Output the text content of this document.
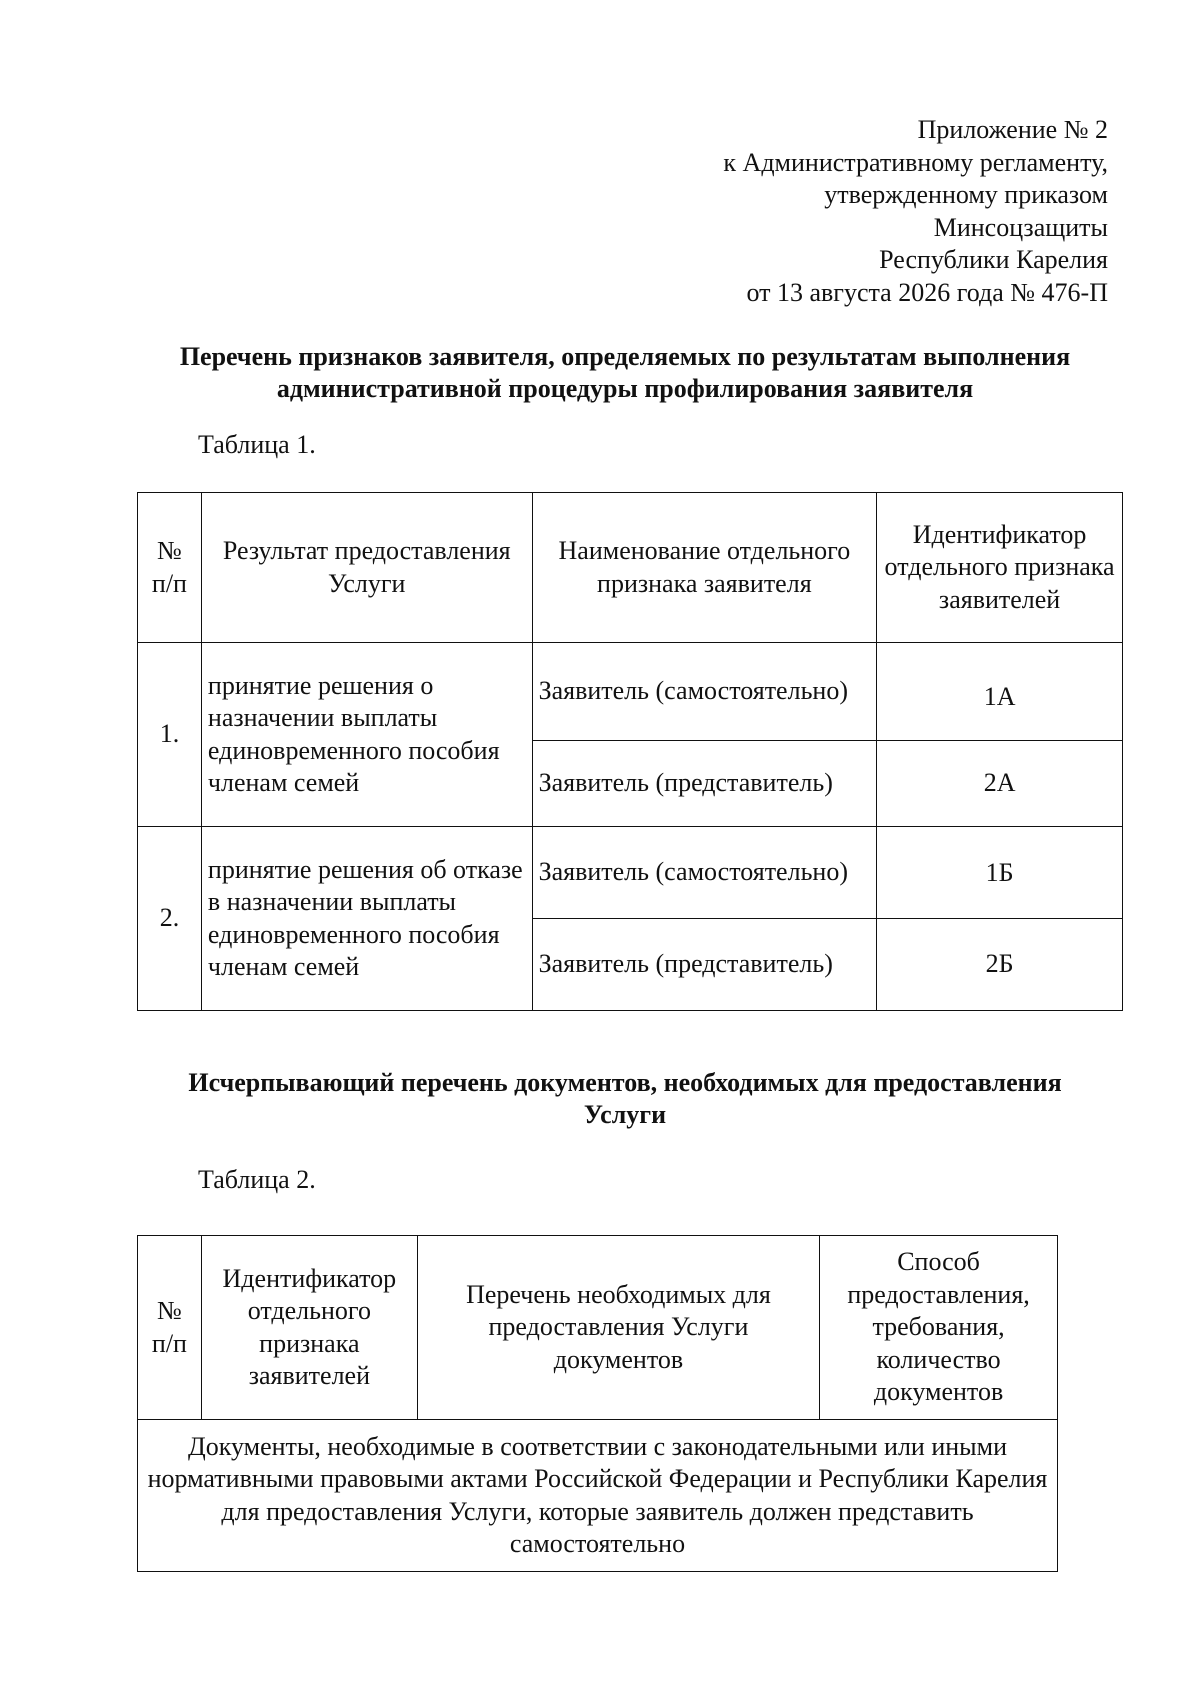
Приложение № 2
к Административному регламенту,
утвержденному приказом
Минсоцзащиты
Республики Карелия
от 13 августа 2026 года № 476-П
Перечень признаков заявителя, определяемых по результатам выполнения
административной процедуры профилирования заявителя
Таблица 1.
№ п/п	Результат предоставления Услуги	Наименование отдельного признака заявителя	Идентификатор отдельного признака заявителей
1.	принятие решения о назначении выплаты единовременного пособия членам семей	Заявитель (самостоятельно)	1А
		Заявитель (представитель)	2А
2.	принятие решения об отказе в назначении выплаты единовременного пособия членам семей	Заявитель (самостоятельно)	1Б
		Заявитель (представитель)	2Б
Исчерпывающий перечень документов, необходимых для предоставления
Услуги
Таблица 2.
№ п/п	Идентификатор отдельного признака заявителей	Перечень необходимых для предоставления Услуги документов	Способ предоставления, требования, количество документов
Документы, необходимые в соответствии с законодательными или иными нормативными правовыми актами Российской Федерации и Республики Карелия для предоставления Услуги, которые заявитель должен представить самостоятельно
